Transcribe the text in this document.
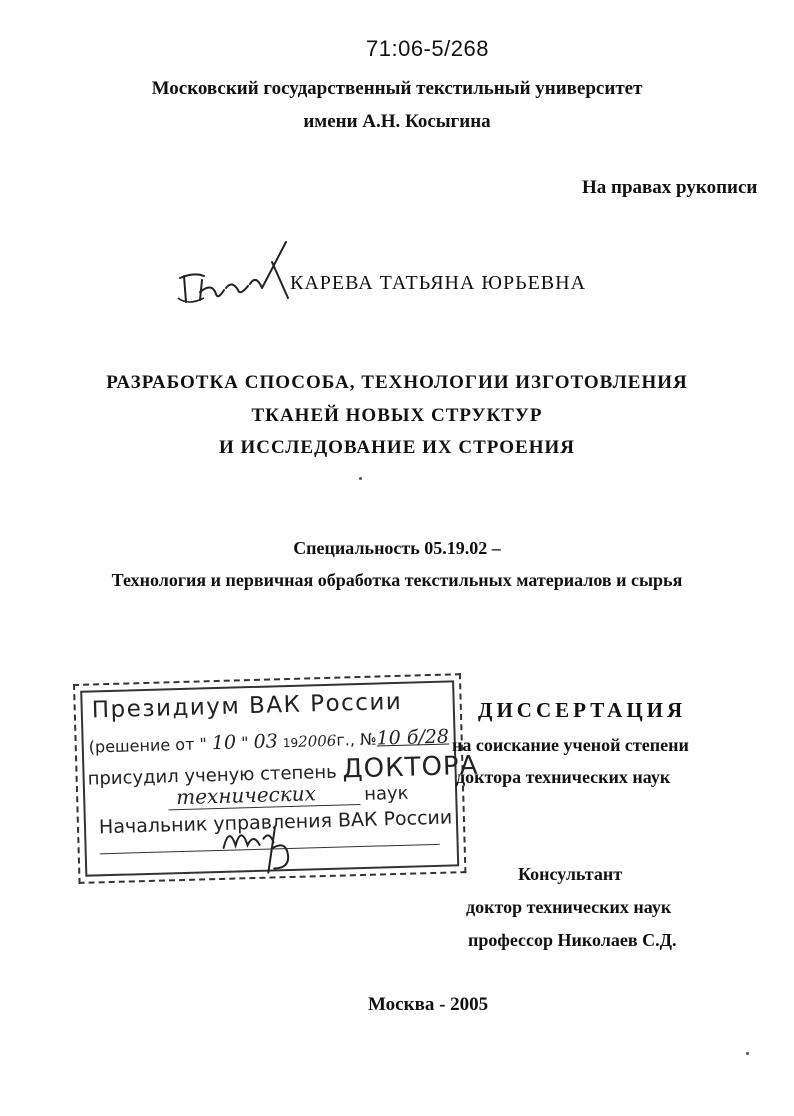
71:06-5/268
Московский государственный текстильный университет
имени А.Н. Косыгина
На правах рукописи
КАРЕВА ТАТЬЯНА ЮРЬЕВНА
РАЗРАБОТКА СПОСОБА, ТЕХНОЛОГИИ ИЗГОТОВЛЕНИЯ
ТКАНЕЙ НОВЫХ СТРУКТУР
И ИССЛЕДОВАНИЕ ИХ СТРОЕНИЯ
Специальность 05.19.02 –
Технология и первичная обработка текстильных материалов и сырья
Президиум ВАК России
(решение от " 10 " 03 192006г., №10 б/28
присудил ученую степень ДОКТОРА
технических	наук
Начальник управления ВАК России
ДИССЕРТАЦИЯ
на соискание ученой степени
доктора технических наук
Консультант
доктор технических наук
профессор Николаев С.Д.
Москва - 2005
